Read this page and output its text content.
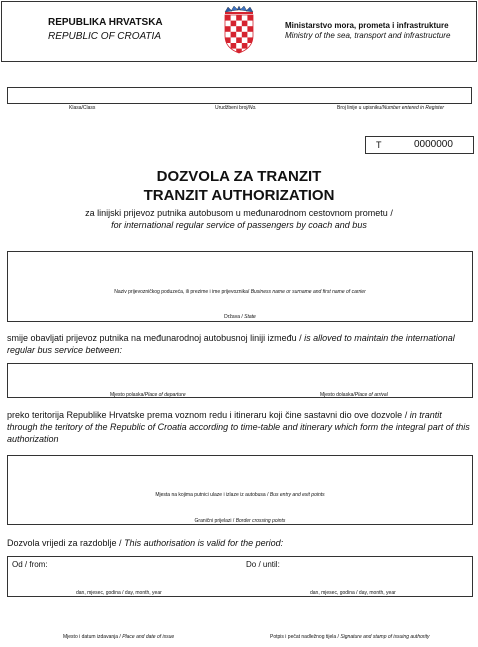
REPUBLIKA HRVATSKA
REPUBLIC OF CROATIA
Ministarstvo mora, prometa i infrastrukture
Ministry of the sea, transport and infrastructure
Klasa/Class	Urudžbeni broj/No.	Broj linije u upisniku/Number entered in Register
T	0000000
DOZVOLA ZA TRANZIT
TRANZIT AUTHORIZATION
za linijski prijevoz putnika autobusom u međunarodnom cestovnom prometu /
for international regular service of passengers by coach and bus
Naziv prijevozničkog poduzeća, ili prezime i ime prijevoznika/ Business name or surname and first name of carrier
Država / State
smije obavljati prijevoz putnika na međunarodnoj autobusnoj liniji između / is alloved to maintain the international regular bus service between:
Mjesto polaska/Place of departure	Mjesto dolaska/Place of arrival
preko teritorija Republike Hrvatske prema voznom redu i itineraru koji čine sastavni dio ove dozvole / in trantit through the teritory of the Republic of Croatia according to time-table and itinerary which form the integral part of this authorization
Mjesta na kojima putnici ulaze i izlaze iz autobusa / Bus entry and exit points
Granični prijelazi / Border crossing points
Dozvola vrijedi za razdoblje / This authorisation is valid for the period:
Od / from:	Do / until:
dan, mjesec, godina / day, month, year	dan, mjesec, godina / day, month, year
Mjesto i datum izdavanja / Place and date of issue	Potpis i pečat nadležnog tijela / Signature and stamp of issuing authority
